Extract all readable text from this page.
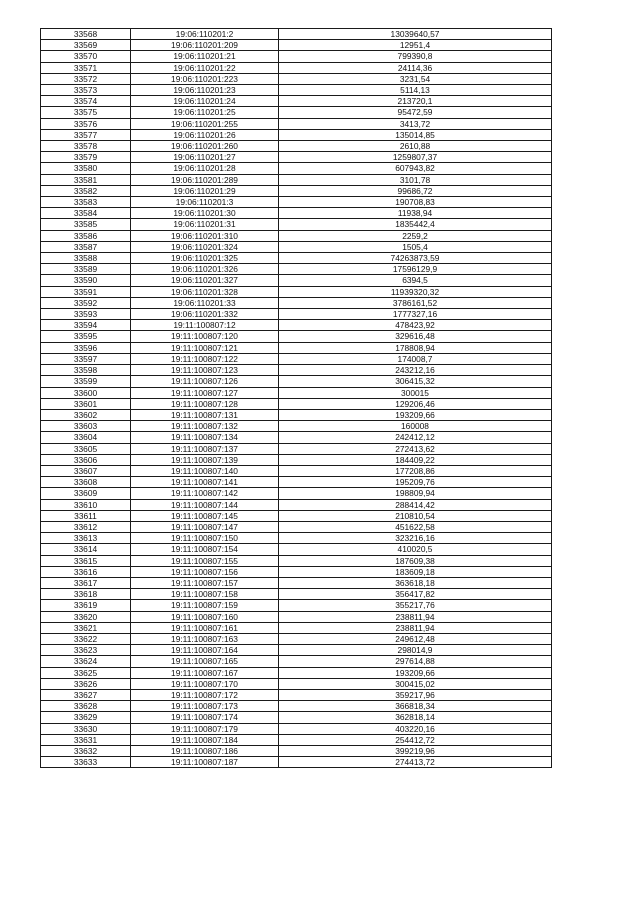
33568	19:06:110201:2	13039640,57
33569	19:06:110201:209	12951,4
33570	19:06:110201:21	799390,8
33571	19:06:110201:22	24114,36
33572	19:06:110201:223	3231,54
33573	19:06:110201:23	5114,13
33574	19:06:110201:24	213720,1
33575	19:06:110201:25	95472,59
33576	19:06:110201:255	3413,72
33577	19:06:110201:26	135014,85
33578	19:06:110201:260	2610,88
33579	19:06:110201:27	1259807,37
33580	19:06:110201:28	607943,82
33581	19:06:110201:289	3101,78
33582	19:06:110201:29	99686,72
33583	19:06:110201:3	190708,83
33584	19:06:110201:30	11938,94
33585	19:06:110201:31	1835442,4
33586	19:06:110201:310	2259,2
33587	19:06:110201:324	1505,4
33588	19:06:110201:325	74263873,59
33589	19:06:110201:326	17596129,9
33590	19:06:110201:327	6394,5
33591	19:06:110201:328	11939320,32
33592	19:06:110201:33	3786161,52
33593	19:06:110201:332	1777327,16
33594	19:11:100807:12	478423,92
33595	19:11:100807:120	329616,48
33596	19:11:100807:121	178808,94
33597	19:11:100807:122	174008,7
33598	19:11:100807:123	243212,16
33599	19:11:100807:126	306415,32
33600	19:11:100807:127	300015
33601	19:11:100807:128	129206,46
33602	19:11:100807:131	193209,66
33603	19:11:100807:132	160008
33604	19:11:100807:134	242412,12
33605	19:11:100807:137	272413,62
33606	19:11:100807:139	184409,22
33607	19:11:100807:140	177208,86
33608	19:11:100807:141	195209,76
33609	19:11:100807:142	198809,94
33610	19:11:100807:144	288414,42
33611	19:11:100807:145	210810,54
33612	19:11:100807:147	451622,58
33613	19:11:100807:150	323216,16
33614	19:11:100807:154	410020,5
33615	19:11:100807:155	187609,38
33616	19:11:100807:156	183609,18
33617	19:11:100807:157	363618,18
33618	19:11:100807:158	356417,82
33619	19:11:100807:159	355217,76
33620	19:11:100807:160	238811,94
33621	19:11:100807:161	238811,94
33622	19:11:100807:163	249612,48
33623	19:11:100807:164	298014,9
33624	19:11:100807:165	297614,88
33625	19:11:100807:167	193209,66
33626	19:11:100807:170	300415,02
33627	19:11:100807:172	359217,96
33628	19:11:100807:173	366818,34
33629	19:11:100807:174	362818,14
33630	19:11:100807:179	403220,16
33631	19:11:100807:184	254412,72
33632	19:11:100807:186	399219,96
33633	19:11:100807:187	274413,72
